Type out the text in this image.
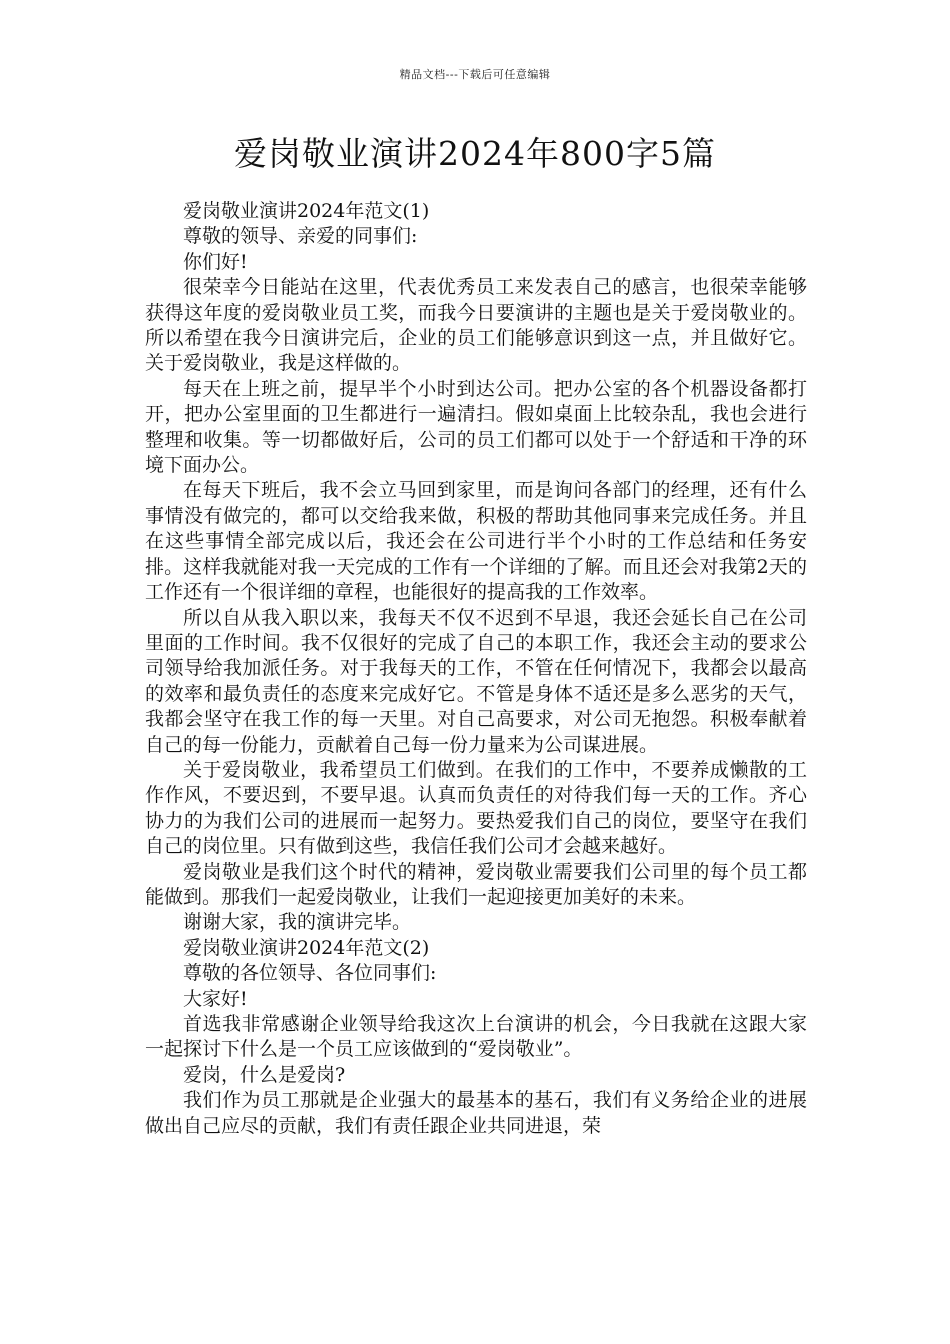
精品文档---下载后可任意编辑
爱岗敬业演讲2024年800字5篇

爱岗敬业演讲2024年范文(1)

尊敬的领导、亲爱的同事们:

你们好!

很荣幸今日能站在这里，代表优秀员工来发表自己的感言，也很荣幸能够获得这年度的爱岗敬业员工奖，而我今日要演讲的主题也是关于爱岗敬业的。所以希望在我今日演讲完后，企业的员工们能够意识到这一点，并且做好它。 关于爱岗敬业，我是这样做的。

每天在上班之前，提早半个小时到达公司。把办公室的各个机器设备都打开，把办公室里面的卫生都进行一遍清扫。假如桌面上比较杂乱，我也会进行整理和收集。等一切都做好后，公司的员工们都可以处于一个舒适和干净的环境下面办公。

在每天下班后，我不会立马回到家里，而是询问各部门的经理，还有什么事情没有做完的，都可以交给我来做，积极的帮助其他同事来完成任务。并且在这些事情全部完成以后，我还会在公司进行半个小时的工作总结和任务安排。这样我就能对我一天完成的工作有一个详细的了解。而且还会对我第2天的工作还有一个很详细的章程，也能很好的提高我的工作效率。

所以自从我入职以来，我每天不仅不迟到不早退，我还会延长自己在公司里面的工作时间。我不仅很好的完成了自己的本职工作，我还会主动的要求公司领导给我加派任务。对于我每天的工作，不管在任何情况下，我都会以最高的效率和最负责任的态度来完成好它。不管是身体不适还是多么恶劣的天气，我都会坚守在我工作的每一天里。对自己高要求，对公司无抱怨。积极奉献着自己的每一份能力，贡献着自己每一份力量来为公司谋进展。

关于爱岗敬业，我希望员工们做到。在我们的工作中，不要养成懒散的工作作风，不要迟到，不要早退。认真而负责任的对待我们每一天的工作。齐心协力的为我们公司的进展而一起努力。要热爱我们自己的岗位，要坚守在我们自己的岗位里。只有做到这些，我信任我们公司才会越来越好。

爱岗敬业是我们这个时代的精神，爱岗敬业需要我们公司里的每个员工都能做到。那我们一起爱岗敬业，让我们一起迎接更加美好的未来。

谢谢大家，我的演讲完毕。

爱岗敬业演讲2024年范文(2)

尊敬的各位领导、各位同事们:

大家好!

首选我非常感谢企业领导给我这次上台演讲的机会，今日我就在这跟大家一起探讨下什么是一个员工应该做到的“爱岗敬业”。

爱岗，什么是爱岗?

我们作为员工那就是企业强大的最基本的基石，我们有义务给企业的进展做出自己应尽的贡献，我们有责任跟企业共同进退，荣
